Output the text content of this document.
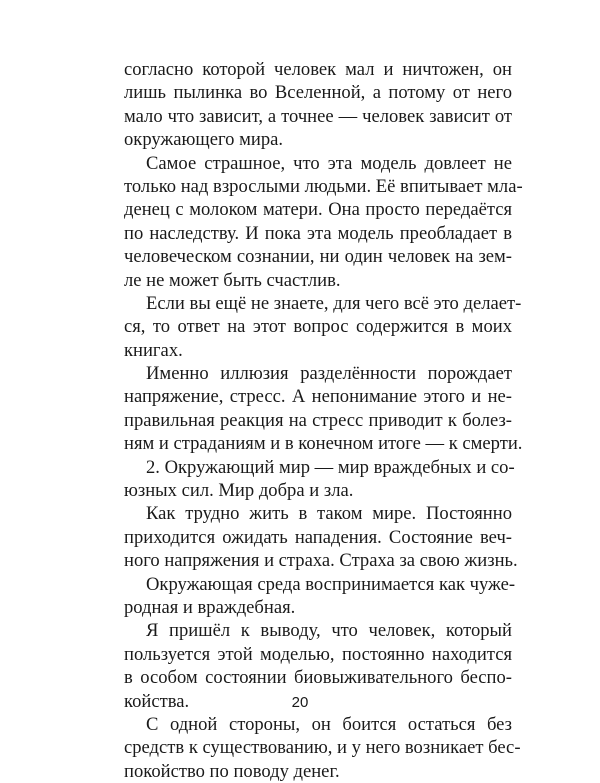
согласно которой человек мал и ничтожен, он
лишь пылинка во Вселенной, а потому от него
мало что зависит, а точнее — человек зависит от
окружающего мира.

Самое страшное, что эта модель довлеет не
только над взрослыми людьми. Её впитывает мла-
денец с молоком матери. Она просто передаётся
по наследству. И пока эта модель преобладает в
человеческом сознании, ни один человек на зем-
ле не может быть счастлив.

Если вы ещё не знаете, для чего всё это делает-
ся, то ответ на этот вопрос содержится в моих
книгах.

Именно иллюзия разделённости порождает
напряжение, стресс. А непонимание этого и не-
правильная реакция на стресс приводит к болез-
ням и страданиям и в конечном итоге — к смерти.

2. Окружающий мир — мир враждебных и со-
юзных сил. Мир добра и зла.

Как трудно жить в таком мире. Постоянно
приходится ожидать нападения. Состояние веч-
ного напряжения и страха. Страха за свою жизнь.

Окружающая среда воспринимается как чуже-
родная и враждебная.

Я пришёл к выводу, что человек, который
пользуется этой моделью, постоянно находится
в особом состоянии биовыживательного беспо-
койства.

С одной стороны, он боится остаться без
средств к существованию, и у него возникает бес-
покойство по поводу денег.

20
